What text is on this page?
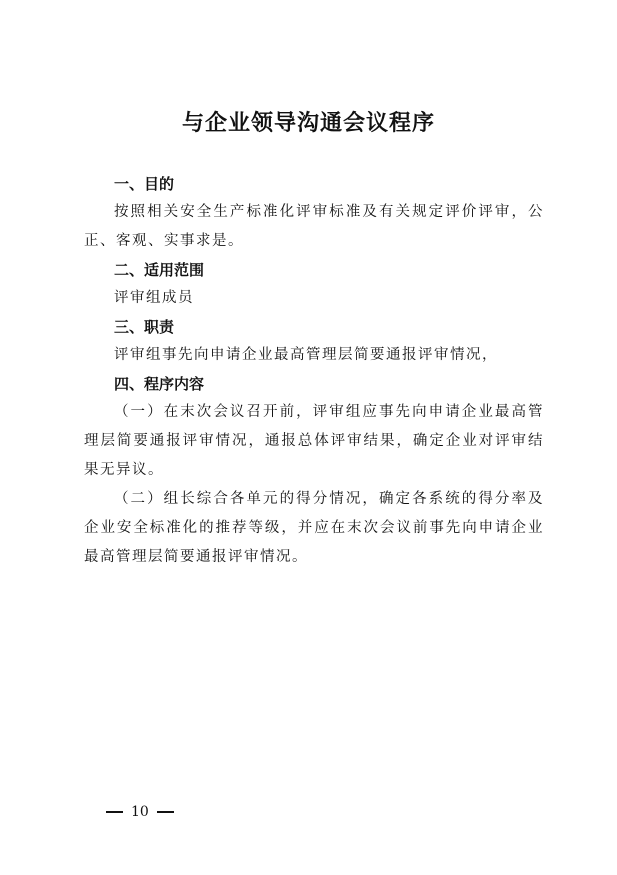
与企业领导沟通会议程序

一、目的

按照相关安全生产标准化评审标准及有关规定评价评审，公正、客观、实事求是。

二、适用范围

评审组成员

三、职责

评审组事先向申请企业最高管理层简要通报评审情况，

四、程序内容

（一）在末次会议召开前，评审组应事先向申请企业最高管理层简要通报评审情况，通报总体评审结果，确定企业对评审结果无异议。

（二）组长综合各单元的得分情况，确定各系统的得分率及企业安全标准化的推荐等级，并应在末次会议前事先向申请企业最高管理层简要通报评审情况。

10
